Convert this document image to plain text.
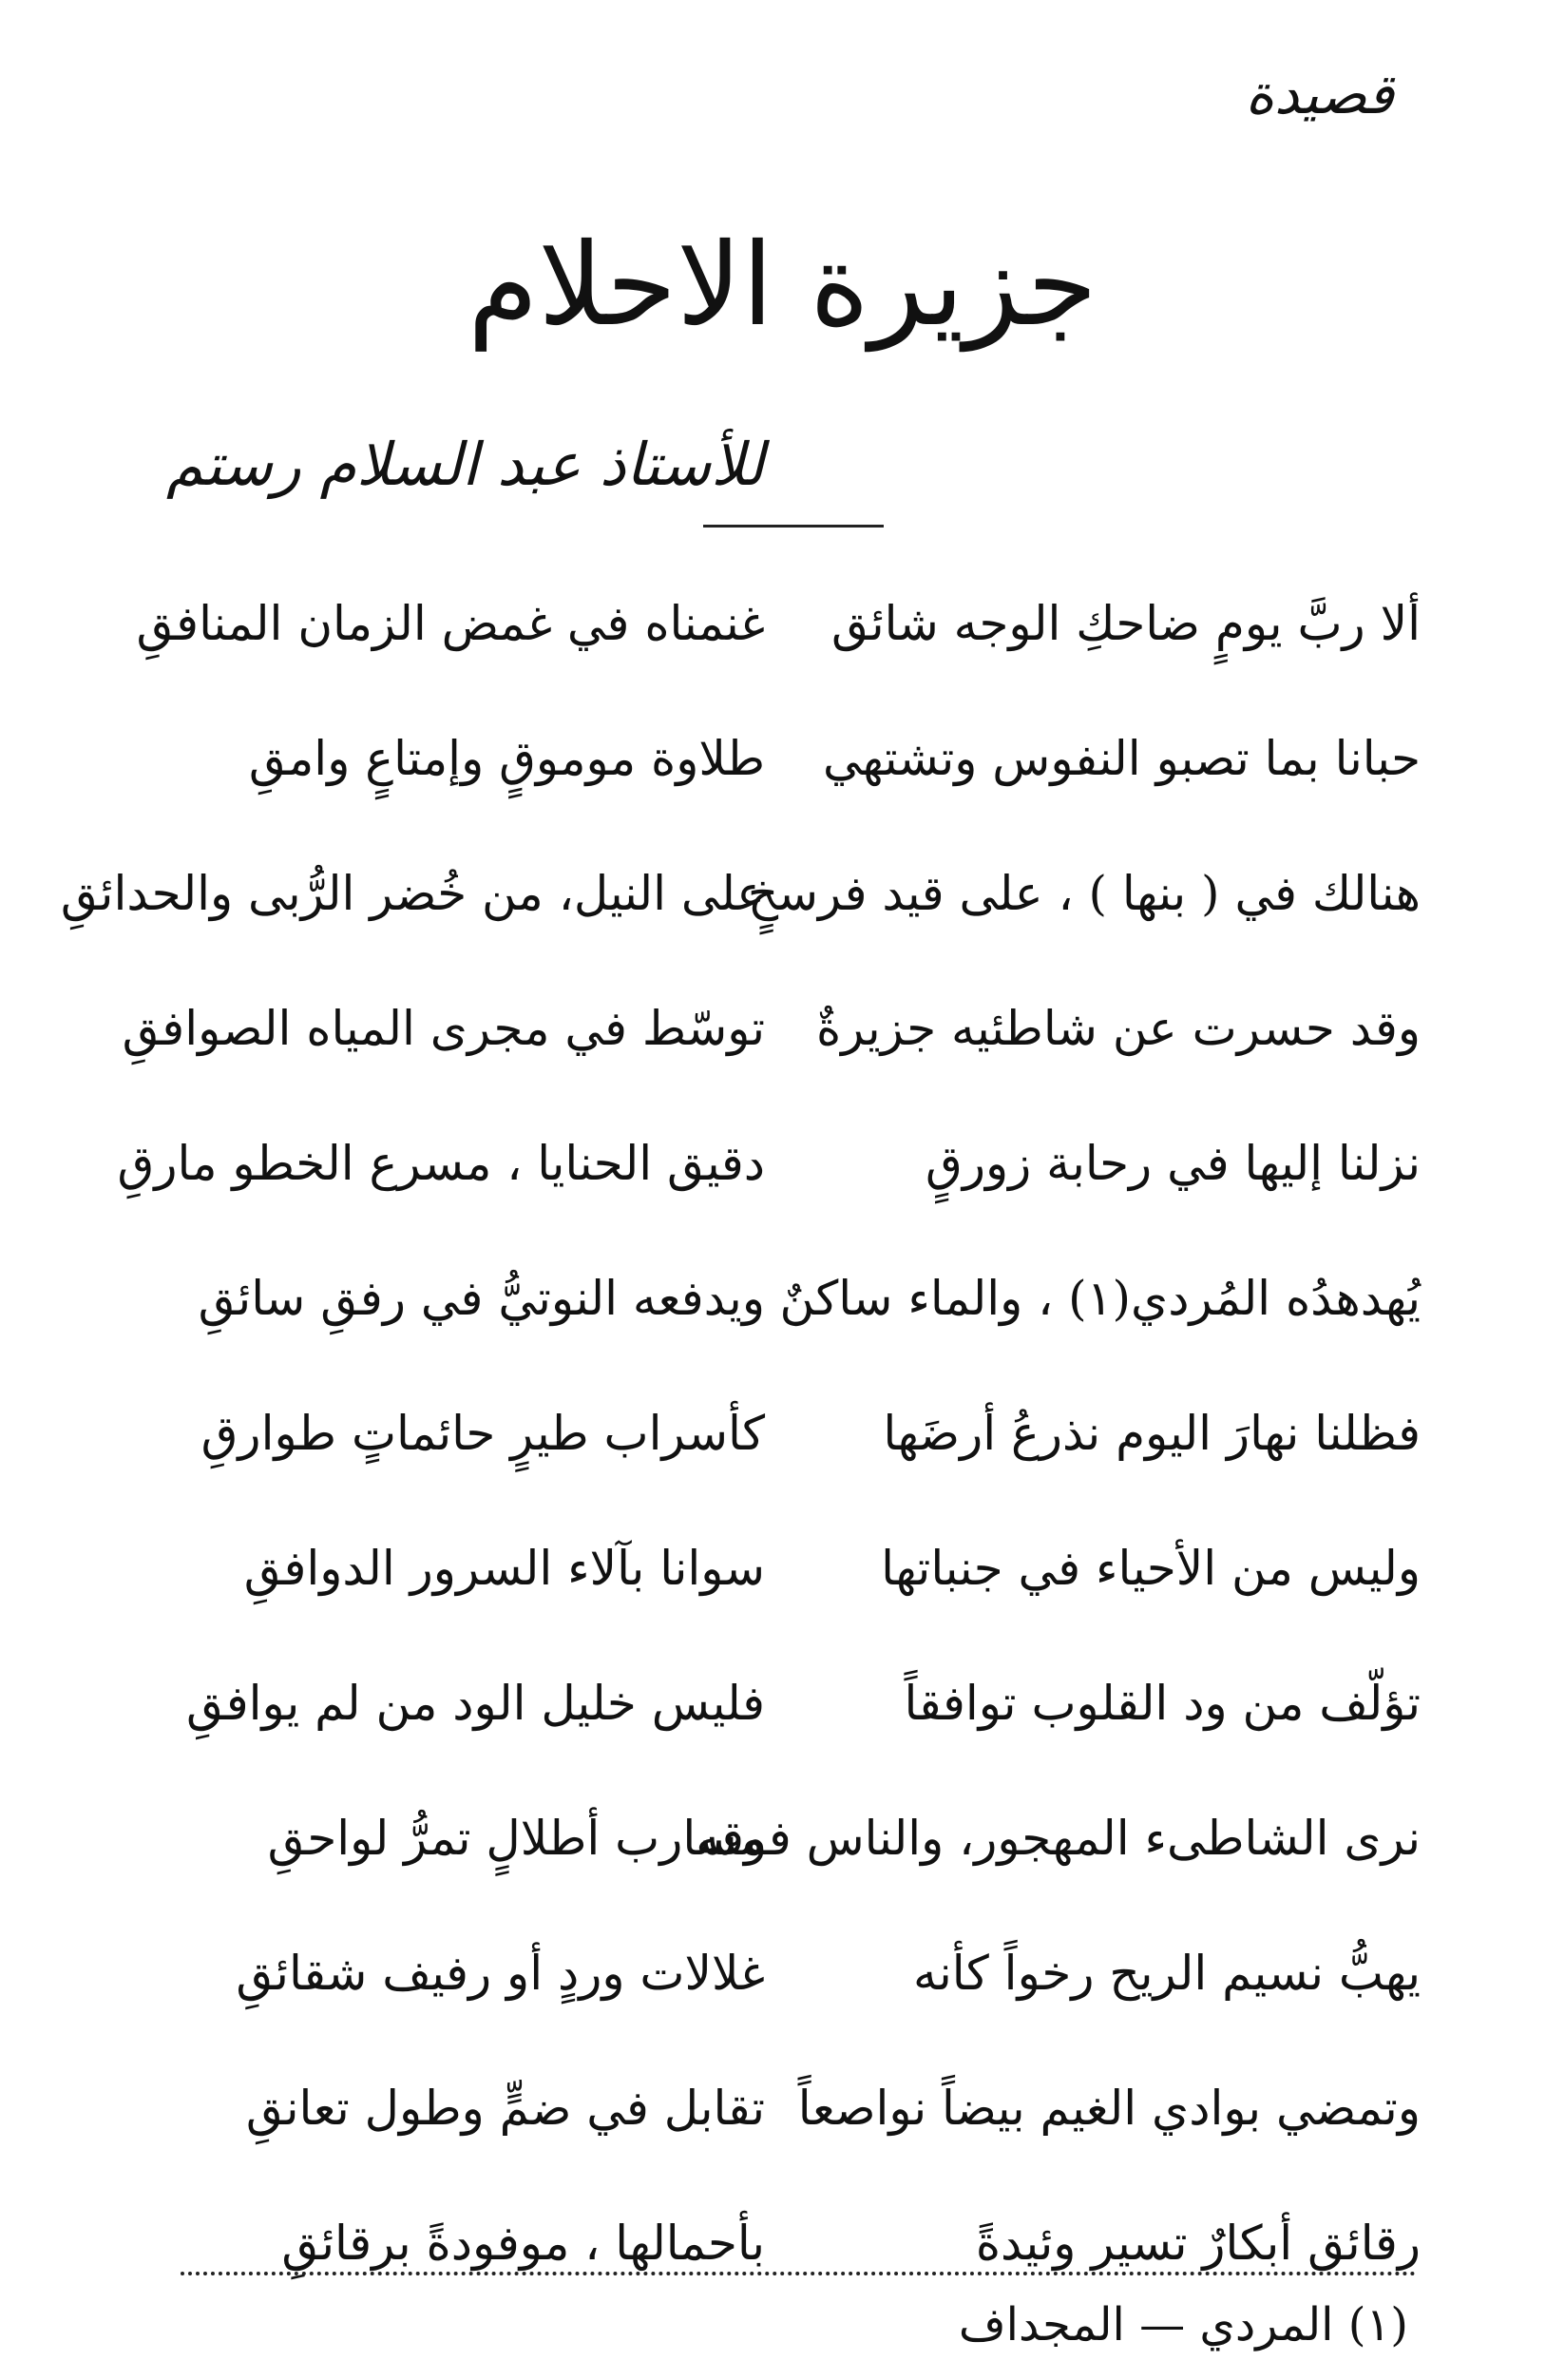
قصيدة
جزيرة الاحلام
للأستاذ عبد السلام رستم
ألا ربَّ يومٍ ضاحكِ الوجه شائق
غنمناه في غمض الزمان المنافقِ
حبانا بما تصبو النفوس وتشتهي
طلاوة موموقٍ وإمتاعٍ وامقِ
هنالك في ( بنها ) ، على قيد فرسخٍ
على النيل، من خُضر الرُّبى والحدائقِ
وقد حسرت عن شاطئيه جزيرةٌ
توسّط في مجرى المياه الصوافقِ
نزلنا إليها في رحابة زورقٍ
دقيق الحنايا ، مسرع الخطو مارقِ
يُهدهدُه المُردي(١) ، والماء ساكنٌ
ويدفعه النوتيُّ في رفقِ سائقِ
فظلنا نهارَ اليوم نذرعُ أرضَها
كأسراب طيرٍ حائماتٍ طوارقِ
وليس من الأحياء في جنباتها
سوانا بآلاء السرور الدوافقِ
تؤلّف من ود القلوب توافقاً
فليس خليل الود من لم يوافقِ
نرى الشاطىء المهجور، والناس فوقه
مسارب أطلالٍ تمرُّ لواحقِ
يهبُّ نسيم الريح رخواً كأنه
غلالات وردٍ أو رفيف شقائقِ
وتمضي بوادي الغيم بيضاً نواصعاً
تقابل في ضمٍّ وطول تعانقِ
رقائق أبكارٌ تسير وئيدةً
بأحمالها ، موفودةً برقائقِ
(١) المردي — المجداف
